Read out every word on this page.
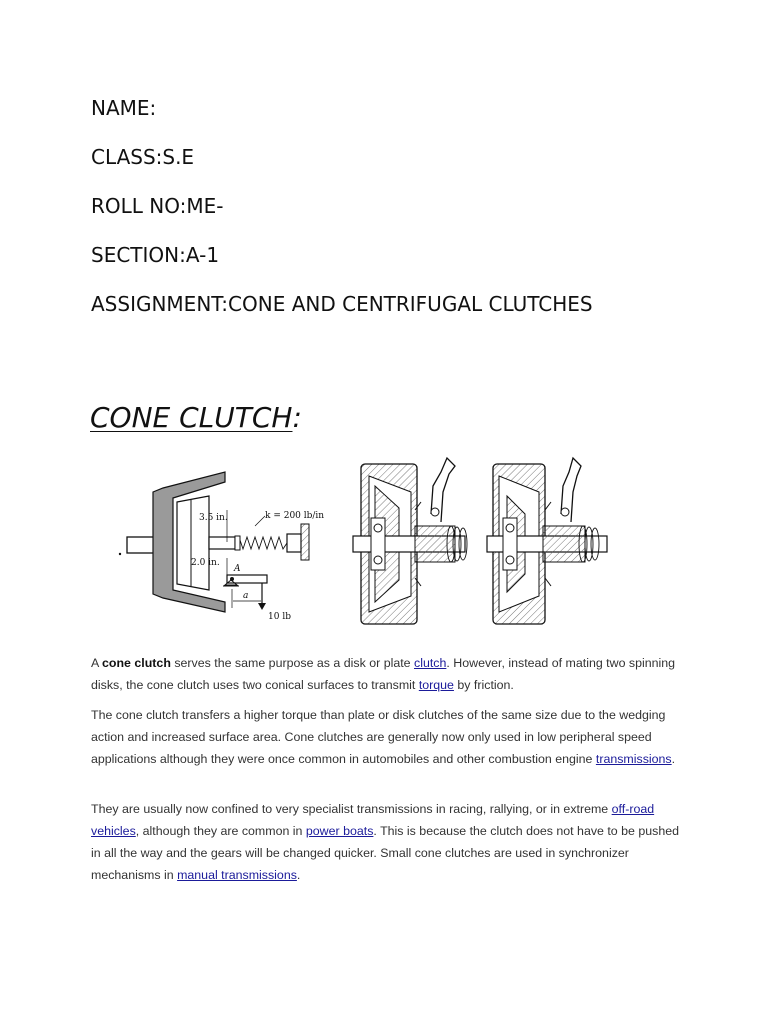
NAME:
CLASS:S.E
ROLL NO:ME-
SECTION:A-1
ASSIGNMENT:CONE AND CENTRIFUGAL CLUTCHES
CONE CLUTCH:
3.5 in.	k = 200 lb/in
2.0 in.
A
a
10 lb

A cone clutch serves the same purpose as a disk or plate clutch. However, instead of mating two spinning disks, the cone clutch uses two conical surfaces to transmit torque by friction.

The cone clutch transfers a higher torque than plate or disk clutches of the same size due to the wedging action and increased surface area. Cone clutches are generally now only used in low peripheral speed applications although they were once common in automobiles and other combustion engine transmissions.

They are usually now confined to very specialist transmissions in racing, rallying, or in extreme off-road vehicles, although they are common in power boats. This is because the clutch does not have to be pushed in all the way and the gears will be changed quicker. Small cone clutches are used in synchronizer mechanisms in manual transmissions.
